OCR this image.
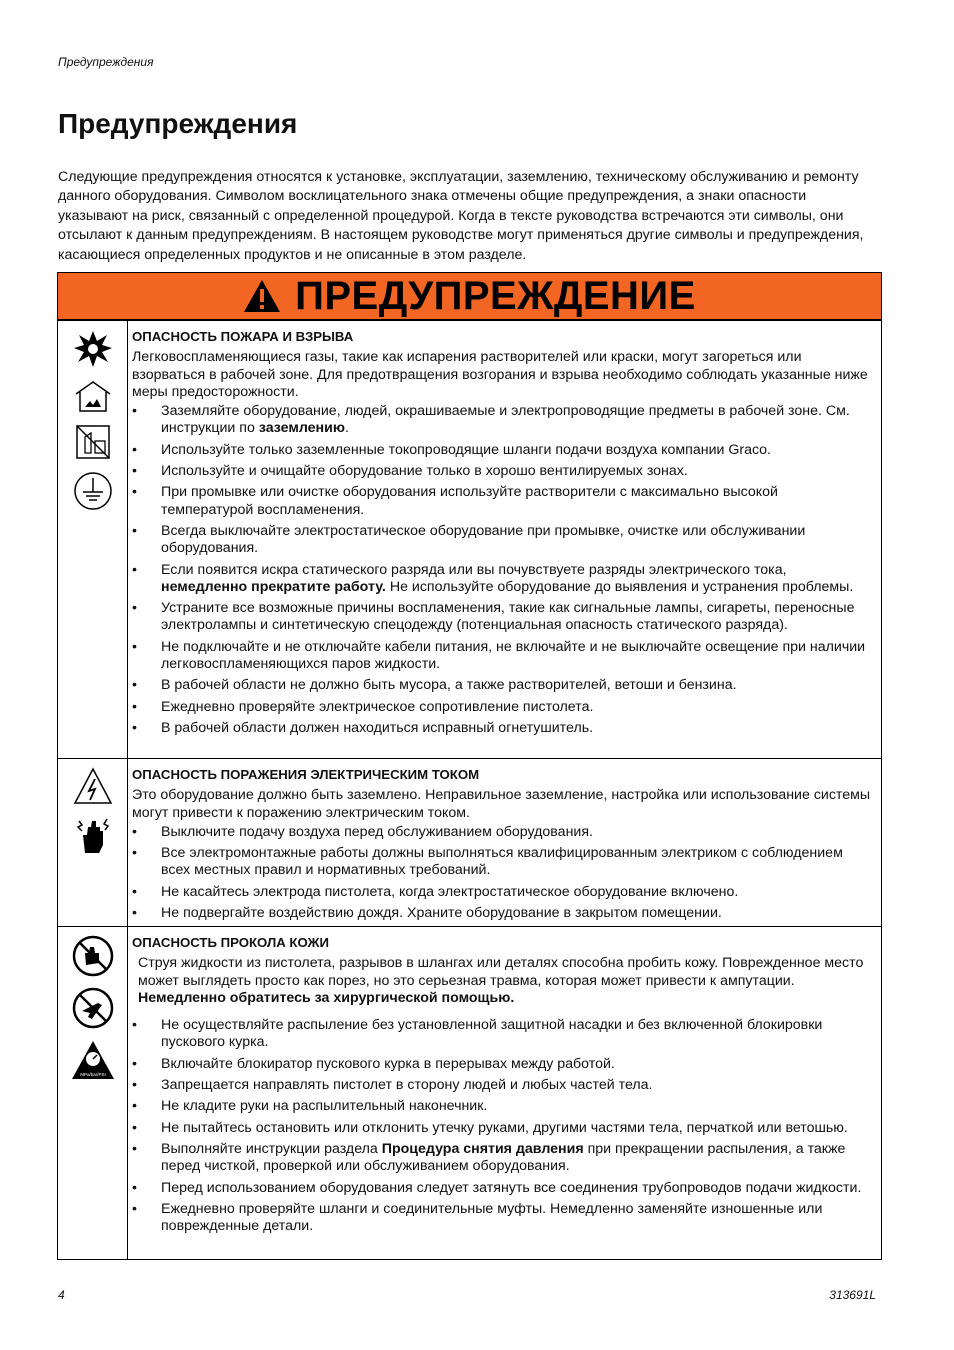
Предупреждения
Предупреждения

Следующие предупреждения относятся к установке, эксплуатации, заземлению, техническому обслуживанию и ремонту данного оборудования. Символом восклицательного знака отмечены общие предупреждения, а знаки опасности указывают на риск, связанный с определенной процедурой. Когда в тексте руководства встречаются эти символы, они отсылают к данным предупреждениям. В настоящем руководстве могут применяться другие символы и предупреждения, касающиеся определенных продуктов и не описанные в этом разделе.

ПРЕДУПРЕЖДЕНИЕ
ОПАСНОСТЬ ПОЖАРА И ВЗРЫВА

Легковоспламеняющиеся газы, такие как испарения растворителей или краски, могут загореться или взорваться в рабочей зоне. Для предотвращения возгорания и взрыва необходимо соблюдать указанные ниже меры предосторожности.

• Заземляйте оборудование, людей, окрашиваемые и электропроводящие предметы в рабочей зоне. См. инструкции по заземлению.
• Используйте только заземленные токопроводящие шланги подачи воздуха компании Graco.
• Используйте и очищайте оборудование только в хорошо вентилируемых зонах.
• При промывке или очистке оборудования используйте растворители с максимально высокой температурой воспламенения.
• Всегда выключайте электростатическое оборудование при промывке, очистке или обслуживании оборудования.
• Если появится искра статического разряда или вы почувствуете разряды электрического тока, немедленно прекратите работу. Не используйте оборудование до выявления и устранения проблемы.
• Устраните все возможные причины воспламенения, такие как сигнальные лампы, сигареты, переносные электролампы и синтетическую спецодежду (потенциальная опасность статического разряда).
• Не подключайте и не отключайте кабели питания, не включайте и не выключайте освещение при наличии легковоспламеняющихся паров жидкости.
• В рабочей области не должно быть мусора, а также растворителей, ветоши и бензина.
• Ежедневно проверяйте электрическое сопротивление пистолета.
• В рабочей области должен находиться исправный огнетушитель.
ОПАСНОСТЬ ПОРАЖЕНИЯ ЭЛЕКТРИЧЕСКИМ ТОКОМ

Это оборудование должно быть заземлено. Неправильное заземление, настройка или использование системы могут привести к поражению электрическим током.

• Выключите подачу воздуха перед обслуживанием оборудования.
• Все электромонтажные работы должны выполняться квалифицированным электриком с соблюдением всех местных правил и нормативных требований.
• Не касайтесь электрода пистолета, когда электростатическое оборудование включено.
• Не подвергайте воздействию дождя. Храните оборудование в закрытом помещении.
MPa/bar/PSI
ОПАСНОСТЬ ПРОКОЛА КОЖИ

Струя жидкости из пистолета, разрывов в шлангах или деталях способна пробить кожу. Поврежденное место может выглядеть просто как порез, но это серьезная травма, которая может привести к ампутации. Немедленно обратитесь за хирургической помощью.

• Не осуществляйте распыление без установленной защитной насадки и без включенной блокировки пускового курка.
• Включайте блокиратор пускового курка в перерывах между работой.
• Запрещается направлять пистолет в сторону людей и любых частей тела.
• Не кладите руки на распылительный наконечник.
• Не пытайтесь остановить или отклонить утечку руками, другими частями тела, перчаткой или ветошью.
• Выполняйте инструкции раздела Процедура снятия давления при прекращении распыления, а также перед чисткой, проверкой или обслуживанием оборудования.
• Перед использованием оборудования следует затянуть все соединения трубопроводов подачи жидкости.
• Ежедневно проверяйте шланги и соединительные муфты. Немедленно заменяйте изношенные или поврежденные детали.
4	313691L
